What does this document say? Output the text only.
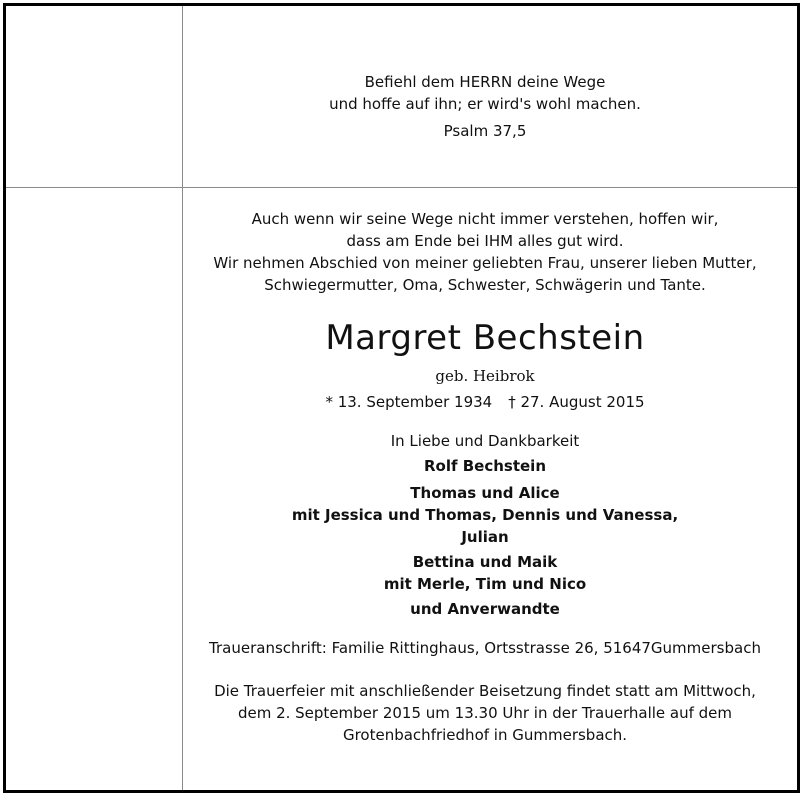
Befiehl dem HERRN deine Wege
und hoffe auf ihn; er wird's wohl machen.
Psalm 37,5
Auch wenn wir seine Wege nicht immer verstehen, hoffen wir,
dass am Ende bei IHM alles gut wird.
Wir nehmen Abschied von meiner geliebten Frau, unserer lieben Mutter,
Schwiegermutter, Oma, Schwester, Schwägerin und Tante.
Margret Bechstein
geb. Heibrok
* 13. September 1934 † 27. August 2015
In Liebe und Dankbarkeit
Rolf Bechstein
Thomas und Alice
mit Jessica und Thomas, Dennis und Vanessa,
Julian
Bettina und Maik
mit Merle, Tim und Nico
und Anverwandte
Traueranschrift: Familie Rittinghaus, Ortsstrasse 26, 51647Gummersbach
Die Trauerfeier mit anschließender Beisetzung findet statt am Mittwoch,
dem 2. September 2015 um 13.30 Uhr in der Trauerhalle auf dem
Grotenbachfriedhof in Gummersbach.
